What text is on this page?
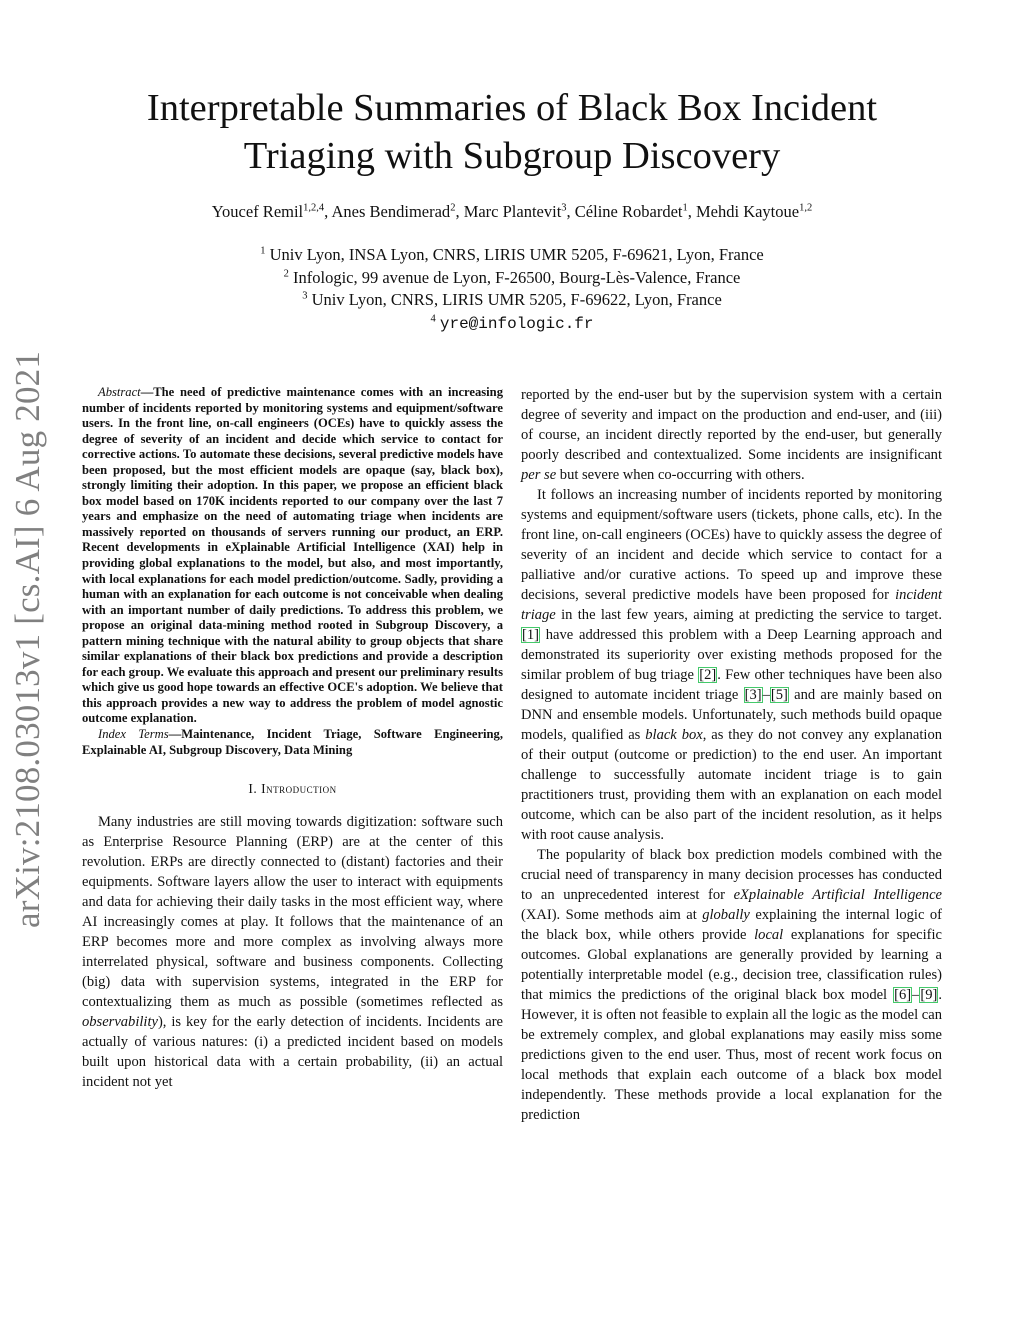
Interpretable Summaries of Black Box Incident
Triaging with Subgroup Discovery
Youcef Remil$^{1,2,4}$, Anes Bendimerad$^2$, Marc Plantevit$^3$, Céline Robardet$^1$, Mehdi Kaytoue$^{1,2}$
$^1$ Univ Lyon, INSA Lyon, CNRS, LIRIS UMR 5205, F-69621, Lyon, France
$^2$ Infologic, 99 avenue de Lyon, F-26500, Bourg-Lès-Valence, France
$^3$ Univ Lyon, CNRS, LIRIS UMR 5205, F-69622, Lyon, France
$^4$ yre@infologic.fr
arXiv:2108.03013v1 [cs.AI] 6 Aug 2021	Abstract—The need of predictive maintenance comes with an increasing number of incidents reported by monitoring systems and equipment/software users. In the front line, on-call engineers (OCEs) have to quickly assess the degree of severity of an incident and decide which service to contact for corrective actions. To automate these decisions, several predictive models have been proposed, but the most efficient models are opaque (say, black box), strongly limiting their adoption. In this paper, we propose an efficient black box model based on 170K incidents reported to our company over the last 7 years and emphasize on the need of automating triage when incidents are massively reported on thousands of servers running our product, an ERP. Recent developments in eXplainable Artificial Intelligence (XAI) help in providing global explanations to the model, but also, and most importantly, with local explanations for each model prediction/outcome. Sadly, providing a human with an explanation for each outcome is not conceivable when dealing with an important number of daily predictions. To address this problem, we propose an original data-mining method rooted in Subgroup Discovery, a pattern mining technique with the natural ability to group objects that share similar explanations of their black box predictions and provide a description for each group. We evaluate this approach and present our preliminary results which give us good hope towards an effective OCE's adoption. We believe that this approach provides a new way to address the problem of model agnostic outcome explanation.

Index Terms—Maintenance, Incident Triage, Software Engineering, Explainable AI, Subgroup Discovery, Data Mining

I. Introduction

Many industries are still moving towards digitization: software such as Enterprise Resource Planning (ERP) are at the center of this revolution. ERPs are directly connected to (distant) factories and their equipments. Software layers allow the user to interact with equipments and data for achieving their daily tasks in the most efficient way, where AI increasingly comes at play. It follows that the maintenance of an ERP becomes more and more complex as involving always more interrelated physical, software and business components. Collecting (big) data with supervision systems, integrated in the ERP for contextualizing them as much as possible (sometimes reflected as observability), is key for the early detection of incidents. Incidents are actually of various natures: (i) a predicted incident based on models built upon historical data with a certain probability, (ii) an actual incident not yet

reported by the end-user but by the supervision system with a certain degree of severity and impact on the production and end-user, and (iii) of course, an incident directly reported by the end-user, but generally poorly described and contextualized. Some incidents are insignificant per se but severe when co-occurring with others.

It follows an increasing number of incidents reported by monitoring systems and equipment/software users (tickets, phone calls, etc). In the front line, on-call engineers (OCEs) have to quickly assess the degree of severity of an incident and decide which service to contact for a palliative and/or curative actions. To speed up and improve these decisions, several predictive models have been proposed for incident triage in the last few years, aiming at predicting the service to target. [1] have addressed this problem with a Deep Learning approach and demonstrated its superiority over existing methods proposed for the similar problem of bug triage [2]. Few other techniques have been also designed to automate incident triage [3]–[5] and are mainly based on DNN and ensemble models. Unfortunately, such methods build opaque models, qualified as black box, as they do not convey any explanation of their output (outcome or prediction) to the end user. An important challenge to successfully automate incident triage is to gain practitioners trust, providing them with an explanation on each model outcome, which can be also part of the incident resolution, as it helps with root cause analysis.

The popularity of black box prediction models combined with the crucial need of transparency in many decision processes has conducted to an unprecedented interest for eXplainable Artificial Intelligence (XAI). Some methods aim at globally explaining the internal logic of the black box, while others provide local explanations for specific outcomes. Global explanations are generally provided by learning a potentially interpretable model (e.g., decision tree, classification rules) that mimics the predictions of the original black box model [6]–[9]. However, it is often not feasible to explain all the logic as the model can be extremely complex, and global explanations may easily miss some predictions given to the end user. Thus, most of recent work focus on local methods that explain each outcome of a black box model independently. These methods provide a local explanation for the prediction
